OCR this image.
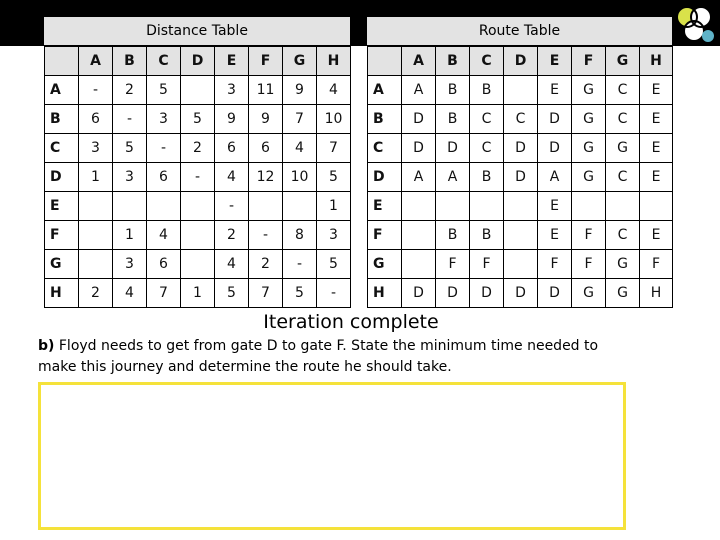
Distance Table	Route Table
	A	B	C	D	E	F	G	H
A	-	2	5		3	11	9	4
B	6	-	3	5	9	9	7	10
C	3	5	-	2	6	6	4	7
D	1	3	6	-	4	12	10	5
E					-			1
F		1	4		2	-	8	3
G		3	6		4	2	-	5
H	2	4	7	1	5	7	5	-
	A	B	C	D	E	F	G	H
A	A	B	B		E	G	C	E
B	D	B	C	C	D	G	C	E
C	D	D	C	D	D	G	G	E
D	A	A	B	D	A	G	C	E
E					E			
F		B	B		E	F	C	E
G		F	F		F	F	G	F
H	D	D	D	D	D	G	G	H
Iteration complete
b) Floyd needs to get from gate D to gate F. State the minimum time needed to make this journey and determine the route he should take.
